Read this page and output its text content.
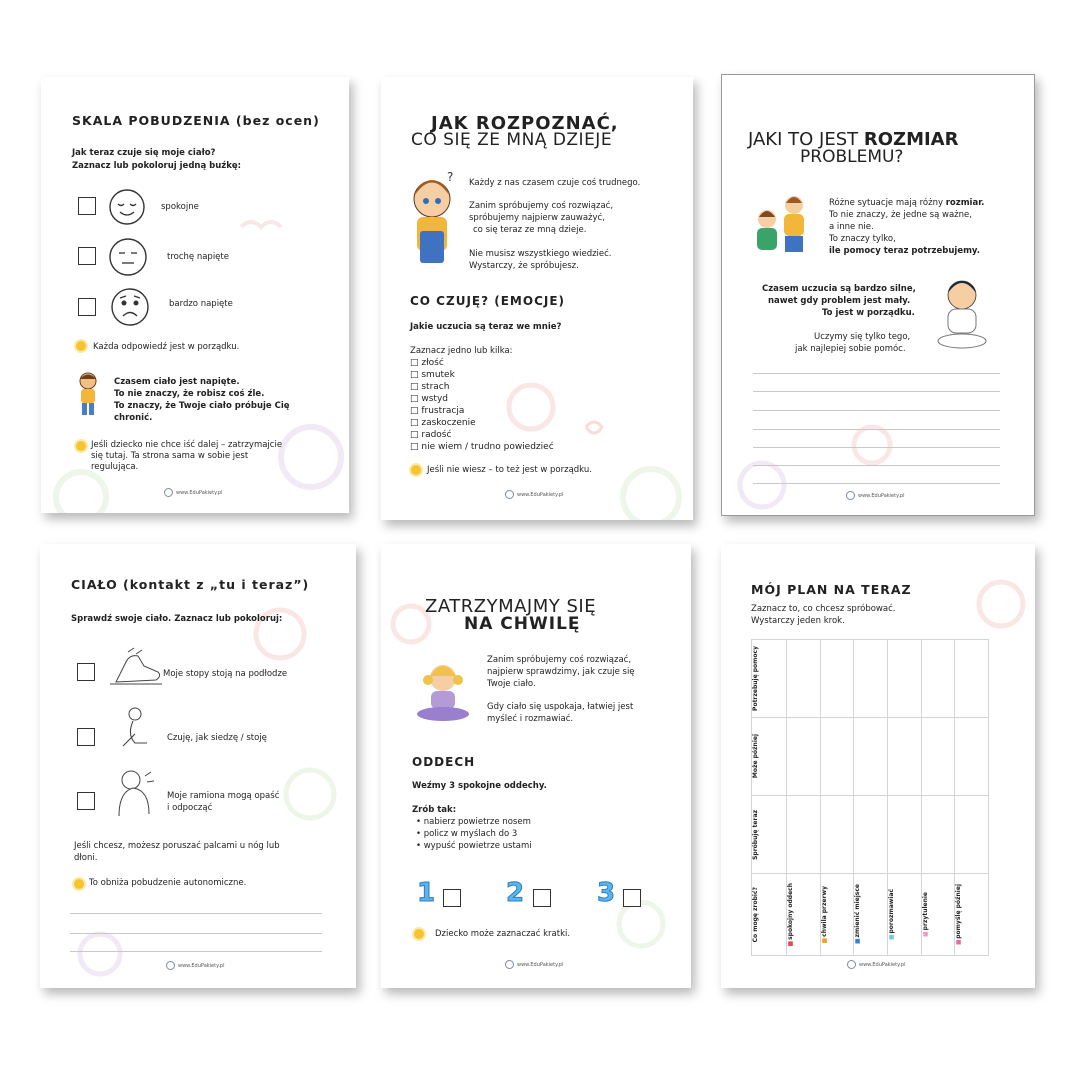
SKALA POBUDZENIA (bez ocen)
Jak teraz czuje się moje ciało?
Zaznacz lub pokoloruj jedną buźkę:
spokojne
trochę napięte
bardzo napięte
Każda odpowiedź jest w porządku.
Czasem ciało jest napięte.
To nie znaczy, że robisz coś źle.
To znaczy, że Twoje ciało próbuje Cię
chronić.
Jeśli dziecko nie chce iść dalej – zatrzymajcie
się tutaj. Ta strona sama w sobie jest
regulująca.
www.EduPakiety.pl
JAK ROZPOZNAĆ,
CO SIĘ ZE MNĄ DZIEJE
? Każdy z nas czasem czuje coś trudnego.
Zanim spróbujemy coś rozwiązać,
spróbujemy najpierw zauważyć,
co się teraz ze mną dzieje.
Nie musisz wszystkiego wiedzieć.
Wystarczy, że spróbujesz.
CO CZUJĘ? (EMOCJE)
Jakie uczucia są teraz we mnie?
Zaznacz jedno lub kilka:
□ złość
□ smutek
□ strach
□ wstyd
□ frustracja
□ zaskoczenie
□ radość
□ nie wiem / trudno powiedzieć
Jeśli nie wiesz – to też jest w porządku.
www.EduPakiety.pl
JAKI TO JEST ROZMIAR
PROBLEMU?
Różne sytuacje mają różny rozmiar.
To nie znaczy, że jedne są ważne,
a inne nie.
To znaczy tylko,
ile pomocy teraz potrzebujemy.
Czasem uczucia są bardzo silne,
nawet gdy problem jest mały.
To jest w porządku.
Uczymy się tylko tego,
jak najlepiej sobie pomóc.
www.EduPakiety.pl
CIAŁO (kontakt z „tu i teraz”)
Sprawdź swoje ciało. Zaznacz lub pokoloruj:
Moje stopy stoją na podłodze
Czuję, jak siedzę / stoję
Moje ramiona mogą opaść
i odpocząć
Jeśli chcesz, możesz poruszać palcami u nóg lub
dłoni.
To obniża pobudzenie autonomiczne.
www.EduPakiety.pl
ZATRZYMAJMY SIĘ
NA CHWILĘ
Zanim spróbujemy coś rozwiązać,
najpierw sprawdzimy, jak czuje się
Twoje ciało.
Gdy ciało się uspokaja, łatwiej jest
myśleć i rozmawiać.
ODDECH
Weźmy 3 spokojne oddechy.
Zrób tak:
• nabierz powietrze nosem
• policz w myślach do 3
• wypuść powietrze ustami
1	2	3
Dziecko może zaznaczać kratki.
www.EduPakiety.pl
MÓJ PLAN NA TERAZ
Zaznacz to, co chcesz spróbować.
Wystarczy jeden krok.
Potrzebuję pomocy						

Może później						

Spróbuję teraz						

Co mogę zrobić?	■spokojny oddech	■chwila przerwy	■zmienić miejsce	■porozmawiać	■przytulenie	■pomyślę później
www.EduPakiety.pl
